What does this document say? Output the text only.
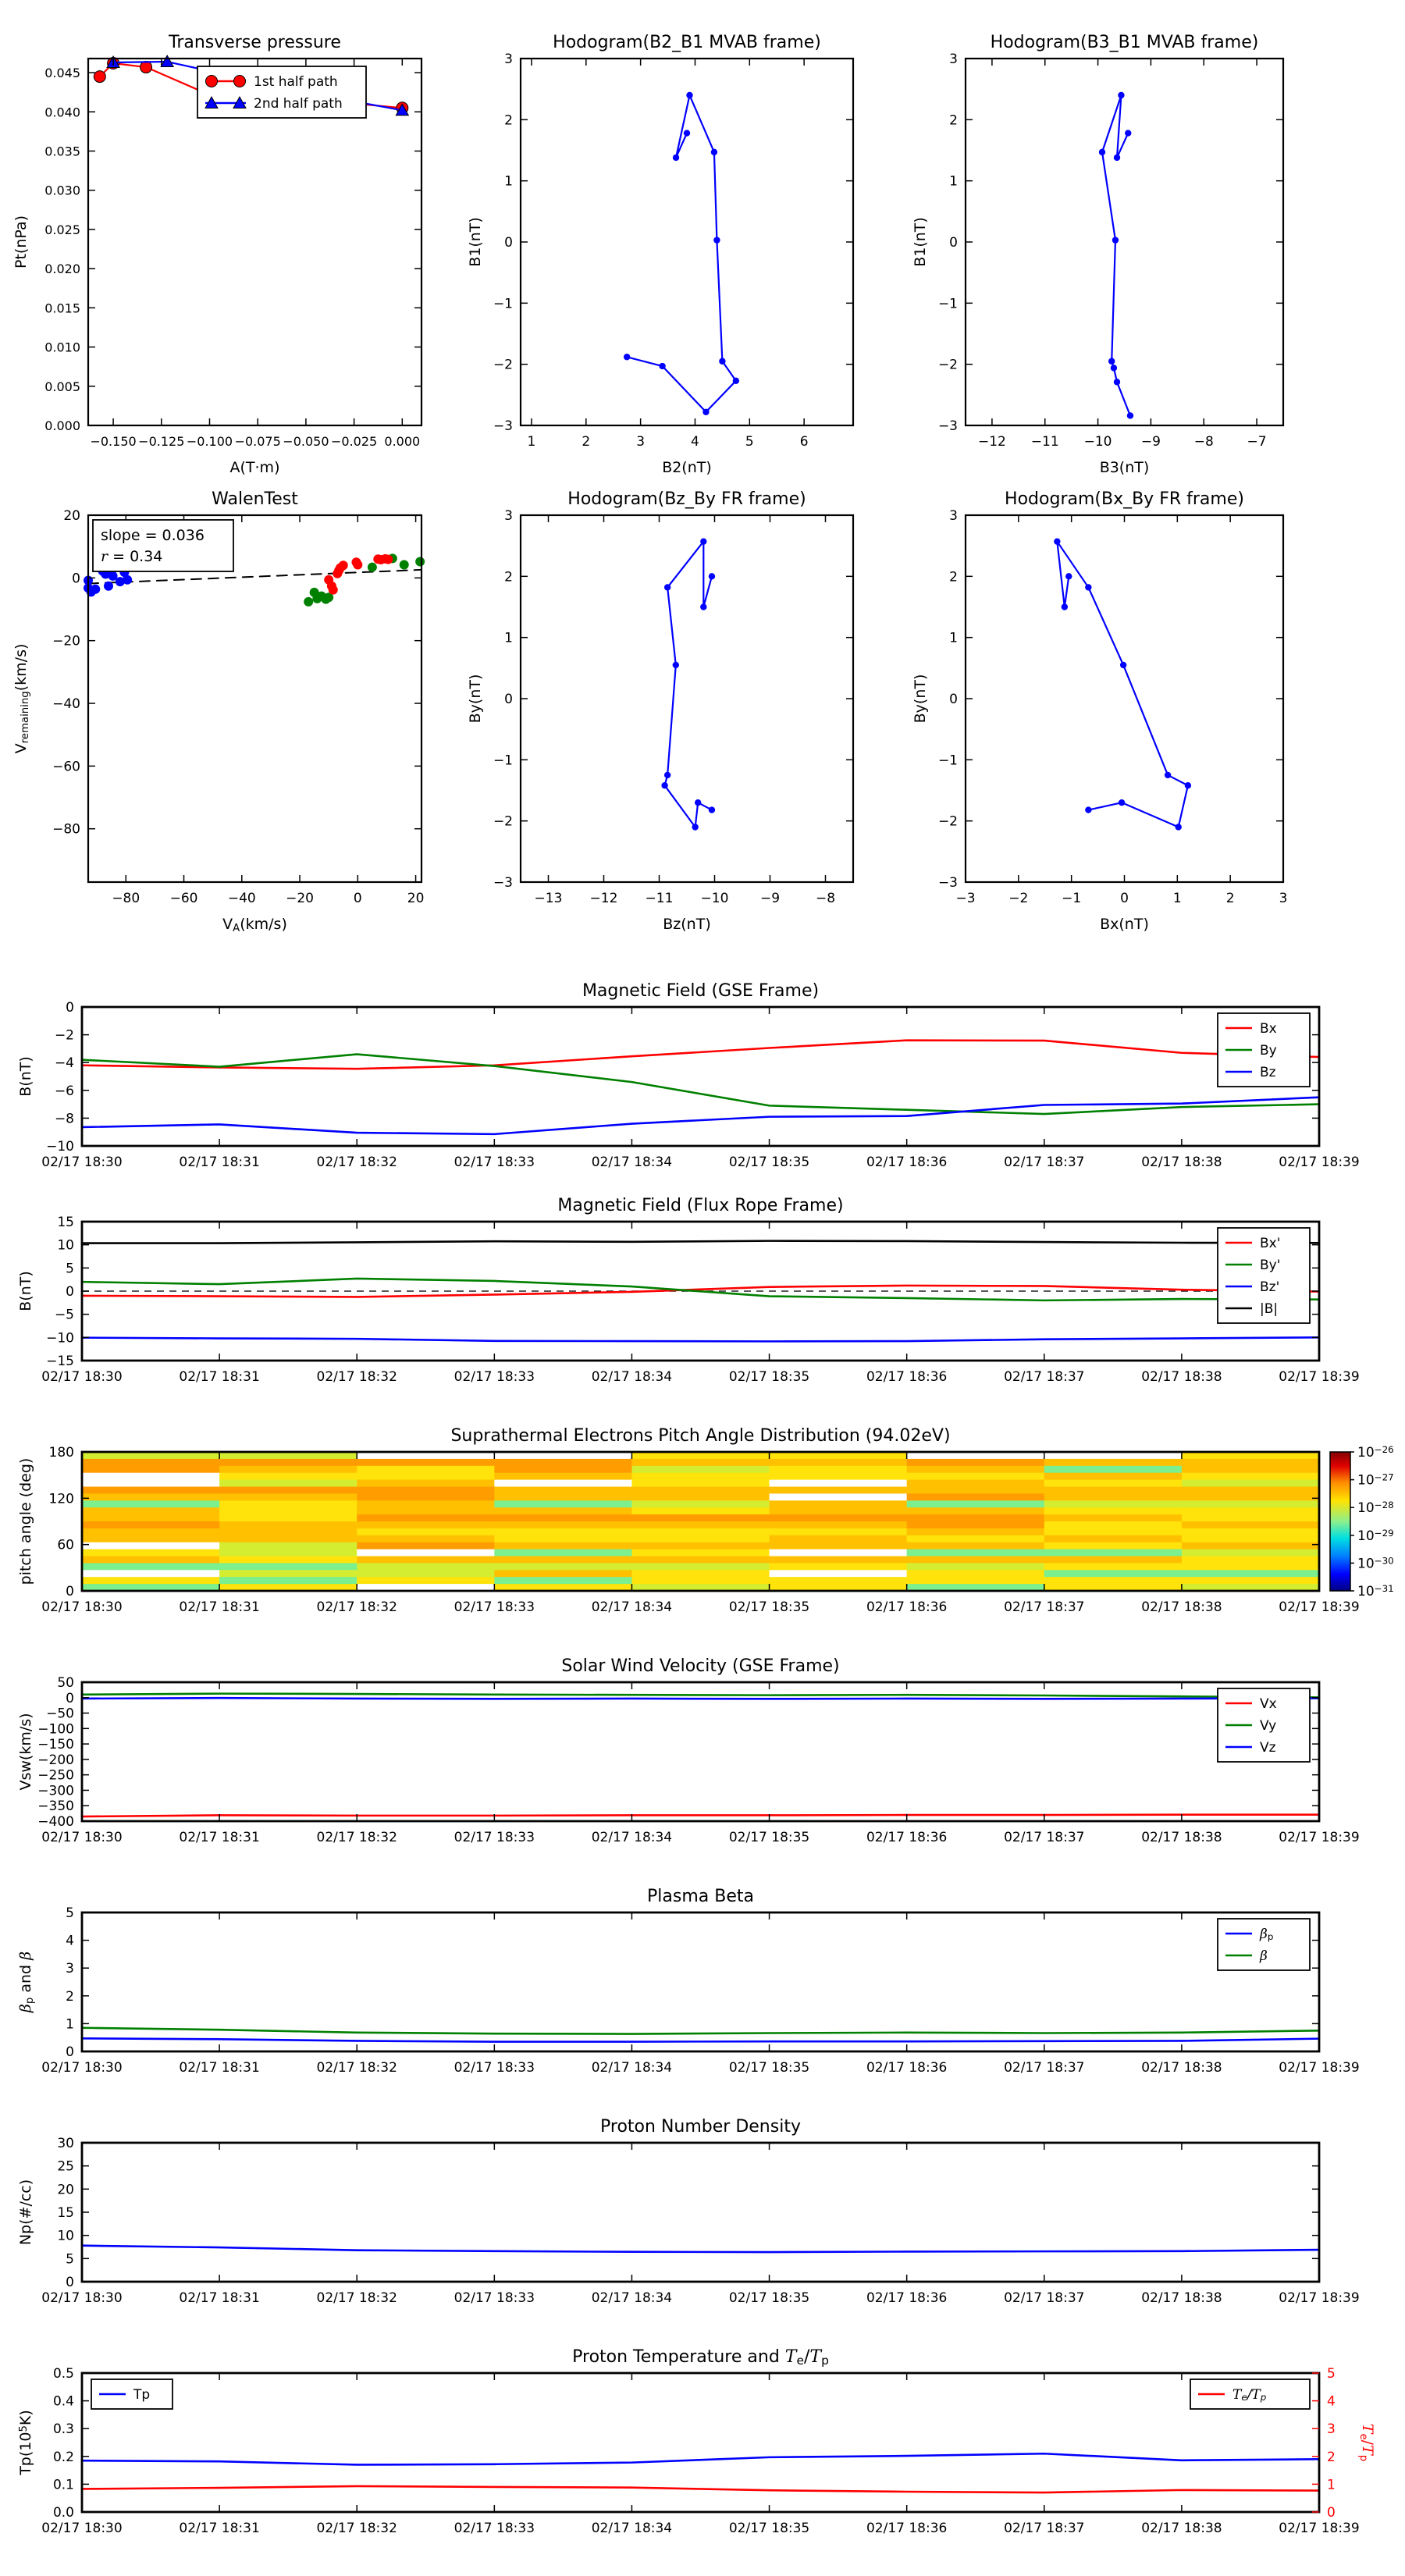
−0.150 −0.125 −0.100 −0.075 −0.050 −0.025 0.000
0.000
0.005
0.010
0.015
0.020
0.025
0.030
0.035
0.040
0.045
1st half path
2nd half path
Transverse pressure
A(T·m)
Pt(nPa)
1	2	3	4	5	6
−3
−2
−1
0
1
2
3
Hodogram(B2_B1 MVAB frame)
B2(nT)
B1(nT)
−12 −11 −10 −9	−8	−7
−3
−2
−1
0
1
2
3
Hodogram(B3_B1 MVAB frame)
B3(nT)
B1(nT)
−80 −60 −40 −20	0	20
20
0
−20
−40
−60
−80
slope = 0.036
r = 0.34
WalenTest
VA(km/s)
Vremaining(km/s)
−13 −12 −11 −10 −9	−8
−3
−2
−1
0
1
2
3
Hodogram(Bz_By FR frame)
Bz(nT)
By(nT)
−3	−2	−1	0	1	2	3
−3
−2
−1
0
1
2
3
Hodogram(Bx_By FR frame)
Bx(nT)
By(nT)
02/17 18:30	02/17 18:31	02/17 18:32	02/17 18:33	02/17 18:34	02/17 18:35	02/17 18:36	02/17 18:37	02/17 18:38	02/17 18:39
0
−2
−4
−6
−8
−10
Bx
By
Bz
Magnetic Field (GSE Frame)
B(nT)
02/17 18:30	02/17 18:31	02/17 18:32	02/17 18:33	02/17 18:34	02/17 18:35	02/17 18:36	02/17 18:37	02/17 18:38	02/17 18:39
15
10
5
0
−5
−10
−15
Bx'
By'
Bz'
|B|
Magnetic Field (Flux Rope Frame)
B(nT)
02/17 18:30	02/17 18:31	02/17 18:32	02/17 18:33	02/17 18:34	02/17 18:35	02/17 18:36	02/17 18:37	02/17 18:38	02/17 18:39
0
60
120
180	10−26
10−27
10−28
10−29
10−30
10−31
Suprathermal Electrons Pitch Angle Distribution (94.02eV)
pitch angle (deg)
02/17 18:30	02/17 18:31	02/17 18:32	02/17 18:33	02/17 18:34	02/17 18:35	02/17 18:36	02/17 18:37	02/17 18:38	02/17 18:39
50
0
−50
−100
−150
−200
−250
−300
−350
−400
Vx
Vy
Vz
Solar Wind Velocity (GSE Frame)
Vsw(km/s)
02/17 18:30	02/17 18:31	02/17 18:32	02/17 18:33	02/17 18:34	02/17 18:35	02/17 18:36	02/17 18:37	02/17 18:38	02/17 18:39
0
1
2
3
4
5
βp
β
Plasma Beta
βp and β
02/17 18:30	02/17 18:31	02/17 18:32	02/17 18:33	02/17 18:34	02/17 18:35	02/17 18:36	02/17 18:37	02/17 18:38	02/17 18:39
0
5
10
15
20
25
30
Proton Number Density
Np(#/cc)
02/17 18:30	02/17 18:31	02/17 18:32	02/17 18:33	02/17 18:34	02/17 18:35	02/17 18:36	02/17 18:37	02/17 18:38	02/17 18:39
0.0
0.1
0.2
0.3
0.4
0.5
0
1
2
3
4
5
Te/Tp
Tp	Te/Tp
Proton Temperature and Te/Tp
Tp(105K)
